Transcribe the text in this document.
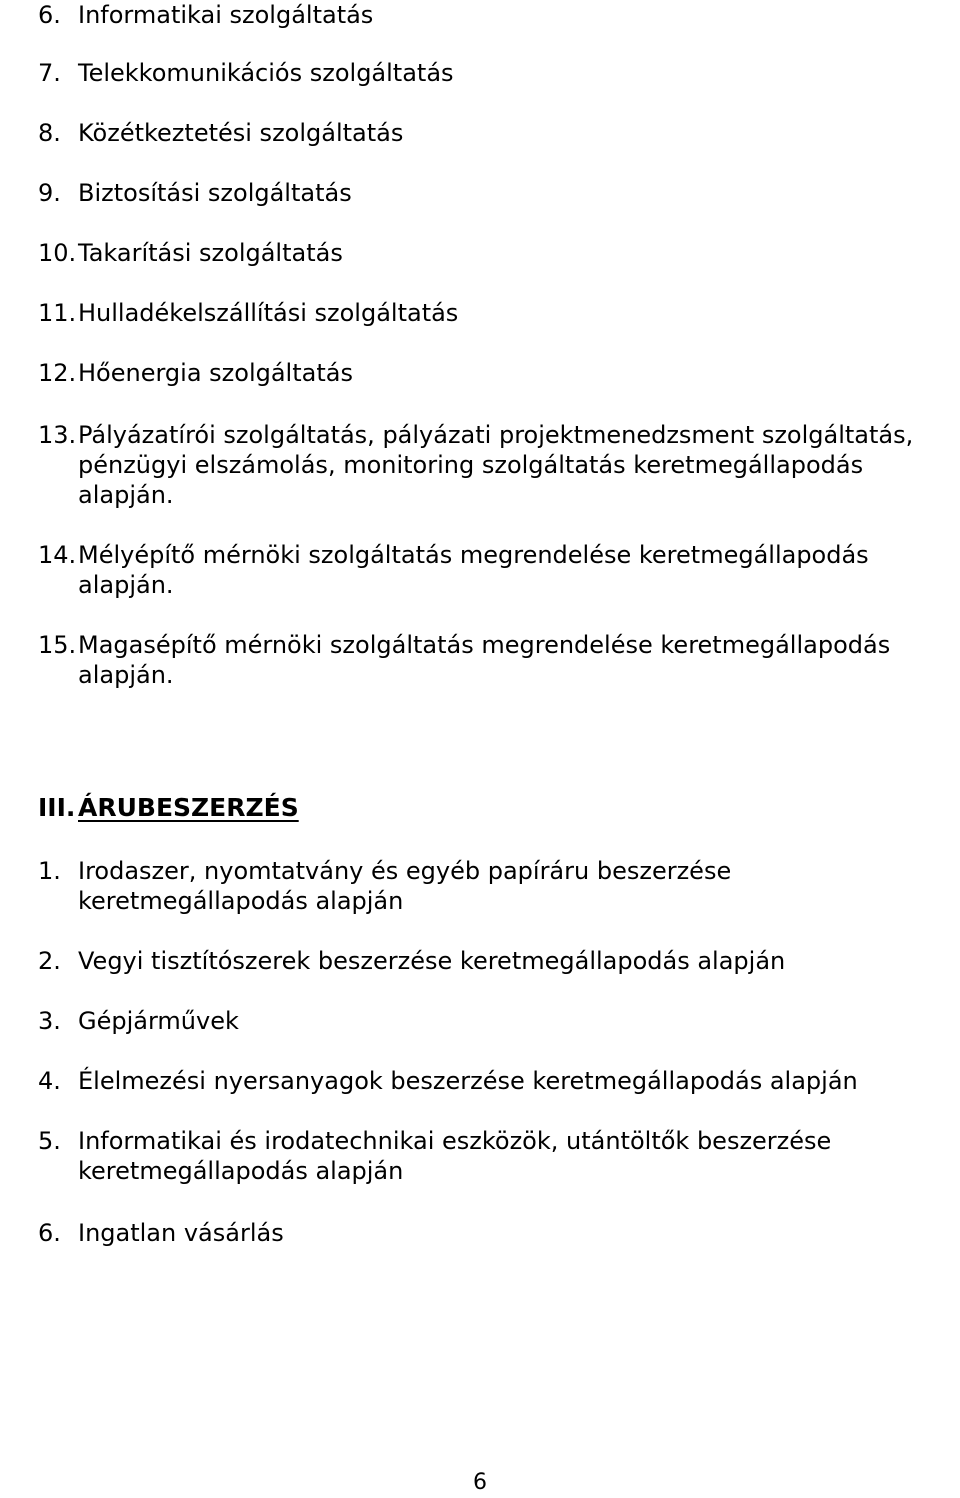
6. Informatikai szolgáltatás
7. Telekkomunikációs szolgáltatás
8. Közétkeztetési szolgáltatás
9. Biztosítási szolgáltatás
10. Takarítási szolgáltatás
11. Hulladékelszállítási szolgáltatás
12. Hőenergia szolgáltatás
13. Pályázatírói szolgáltatás, pályázati projektmenedzsment szolgáltatás, pénzügyi elszámolás, monitoring szolgáltatás keretmegállapodás alapján.
14. Mélyépítő mérnöki szolgáltatás megrendelése keretmegállapodás alapján.
15. Magasépítő mérnöki szolgáltatás megrendelése keretmegállapodás alapján.
III. ÁRUBESZERZÉS
1. Irodaszer, nyomtatvány és egyéb papíráru beszerzése keretmegállapodás alapján
2. Vegyi tisztítószerek beszerzése keretmegállapodás alapján
3. Gépjárművek
4. Élelmezési nyersanyagok beszerzése keretmegállapodás alapján
5. Informatikai és irodatechnikai eszközök, utántöltők beszerzése keretmegállapodás alapján
6. Ingatlan vásárlás
6
